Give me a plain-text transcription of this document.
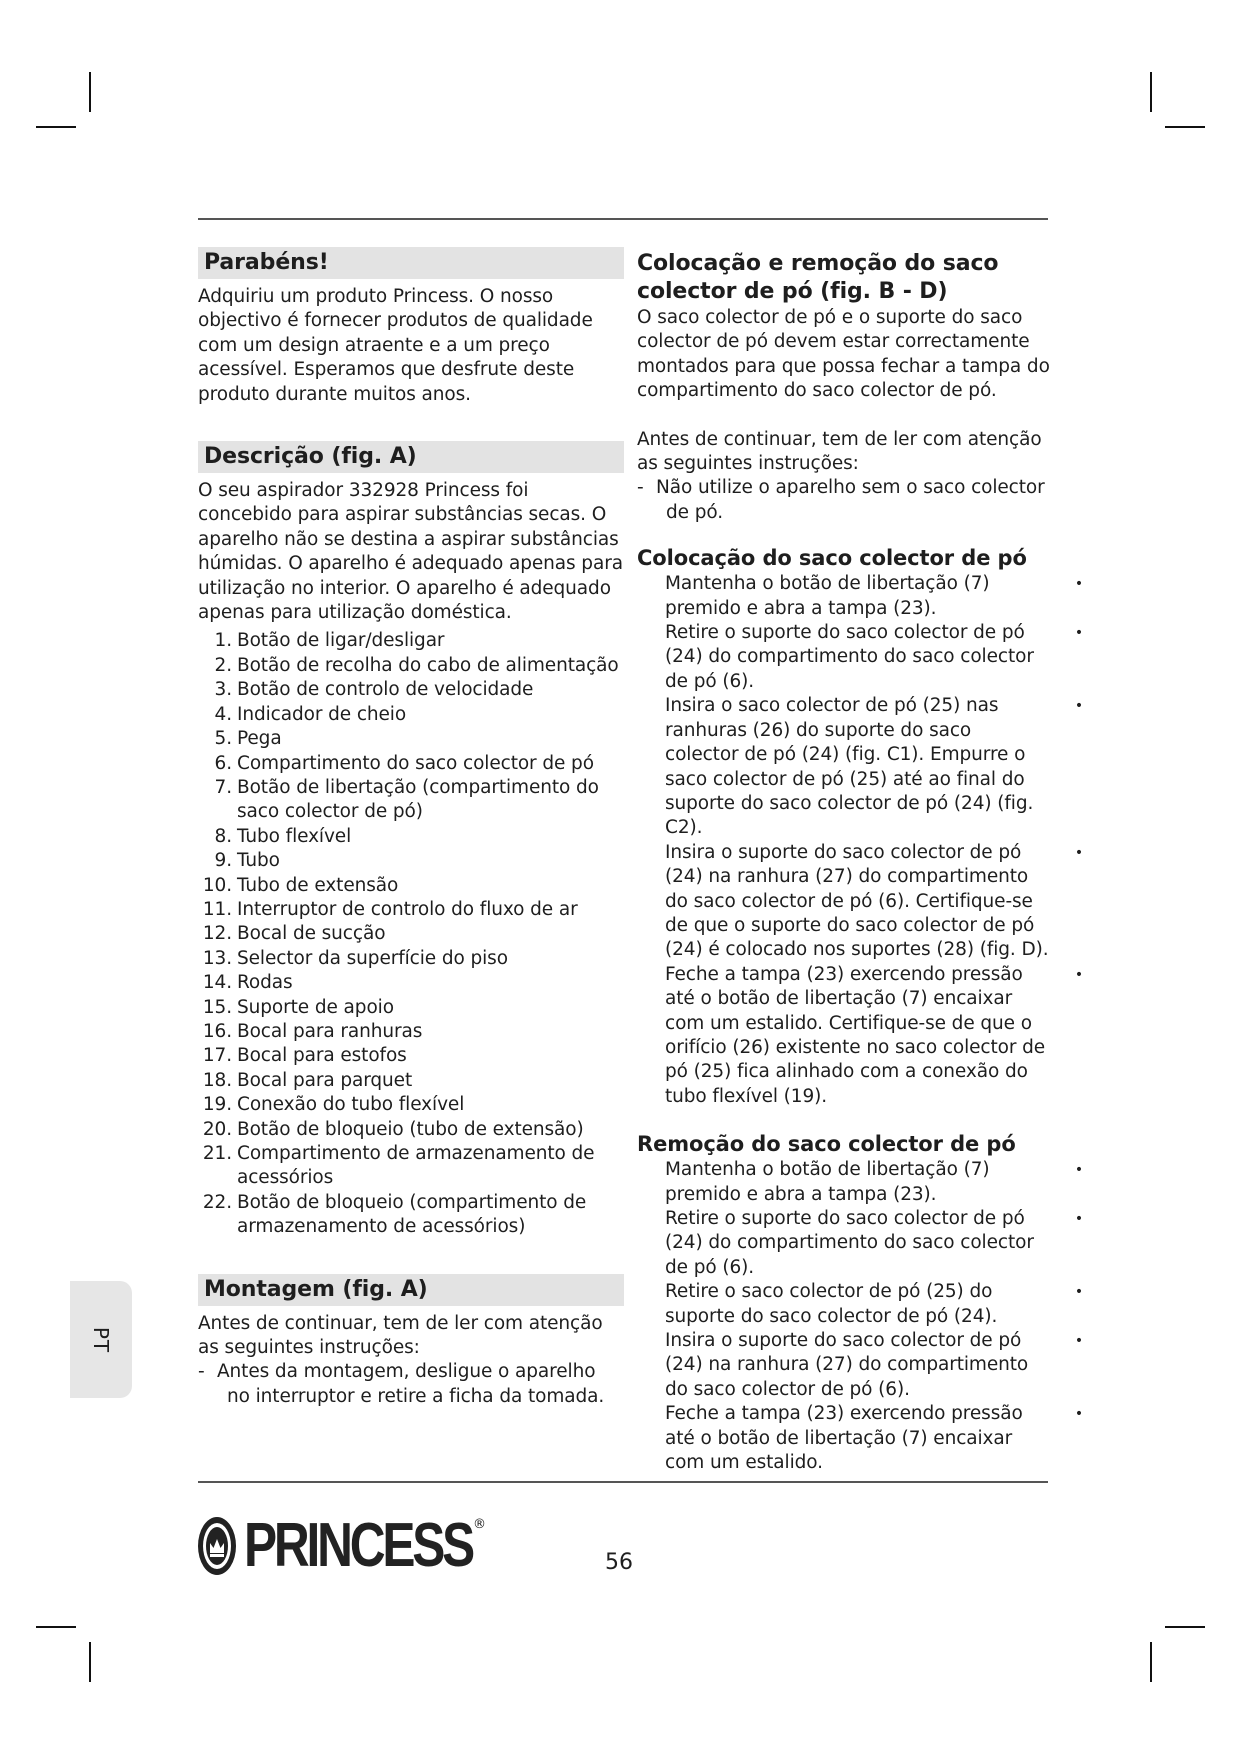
Parabéns!

Adquiriu um produto Princess. O nosso objectivo é fornecer produtos de qualidade com um design atraente e a um preço acessível. Esperamos que desfrute deste produto durante muitos anos.

Descrição (fig. A)

O seu aspirador 332928 Princess foi concebido para aspirar substâncias secas. O aparelho não se destina a aspirar substâncias húmidas. O aparelho é adequado apenas para utilização no interior. O aparelho é adequado apenas para utilização doméstica.

1. Botão de ligar/desligar
2. Botão de recolha do cabo de alimentação
3. Botão de controlo de velocidade
4. Indicador de cheio
5. Pega
6. Compartimento do saco colector de pó
7. Botão de libertação (compartimento do saco colector de pó)
8. Tubo flexível
9. Tubo
10. Tubo de extensão
11. Interruptor de controlo do fluxo de ar
12. Bocal de sucção
13. Selector da superfície do piso
14. Rodas
15. Suporte de apoio
16. Bocal para ranhuras
17. Bocal para estofos
18. Bocal para parquet
19. Conexão do tubo flexível
20. Botão de bloqueio (tubo de extensão)
21. Compartimento de armazenamento de acessórios
22. Botão de bloqueio (compartimento de armazenamento de acessórios)
Montagem (fig. A)

Antes de continuar, tem de ler com atenção as seguintes instruções:

- Antes da montagem, desligue o aparelho no interruptor e retire a ficha da tomada.

Colocação e remoção do saco colector de pó (fig. B - D)

O saco colector de pó e o suporte do saco colector de pó devem estar correctamente montados para que possa fechar a tampa do compartimento do saco colector de pó.

Antes de continuar, tem de ler com atenção as seguintes instruções:

- Não utilize o aparelho sem o saco colector de pó.

Colocação do saco colector de pó

Mantenha o botão de libertação (7) premido e abra a tampa (23).
•
Retire o suporte do saco colector de pó (24) do compartimento do saco colector de pó (6).
•
Insira o saco colector de pó (25) nas ranhuras (26) do suporte do saco colector de pó (24) (fig. C1). Empurre o saco colector de pó (25) até ao final do suporte do saco colector de pó (24) (fig. C2).
•
Insira o suporte do saco colector de pó (24) na ranhura (27) do compartimento do saco colector de pó (6). Certifique-se de que o suporte do saco colector de pó (24) é colocado nos suportes (28) (fig. D).
•
Feche a tampa (23) exercendo pressão até o botão de libertação (7) encaixar com um estalido. Certifique-se de que o orifício (26) existente no saco colector de pó (25) fica alinhado com a conexão do tubo flexível (19).
•

Remoção do saco colector de pó

Mantenha o botão de libertação (7) premido e abra a tampa (23).
•
Retire o suporte do saco colector de pó (24) do compartimento do saco colector de pó (6).
•
Retire o saco colector de pó (25) do suporte do saco colector de pó (24).
•
Insira o suporte do saco colector de pó (24) na ranhura (27) do compartimento do saco colector de pó (6).
•
Feche a tampa (23) exercendo pressão até o botão de libertação (7) encaixar com um estalido.
•
PT
PRINCESS ®
56
